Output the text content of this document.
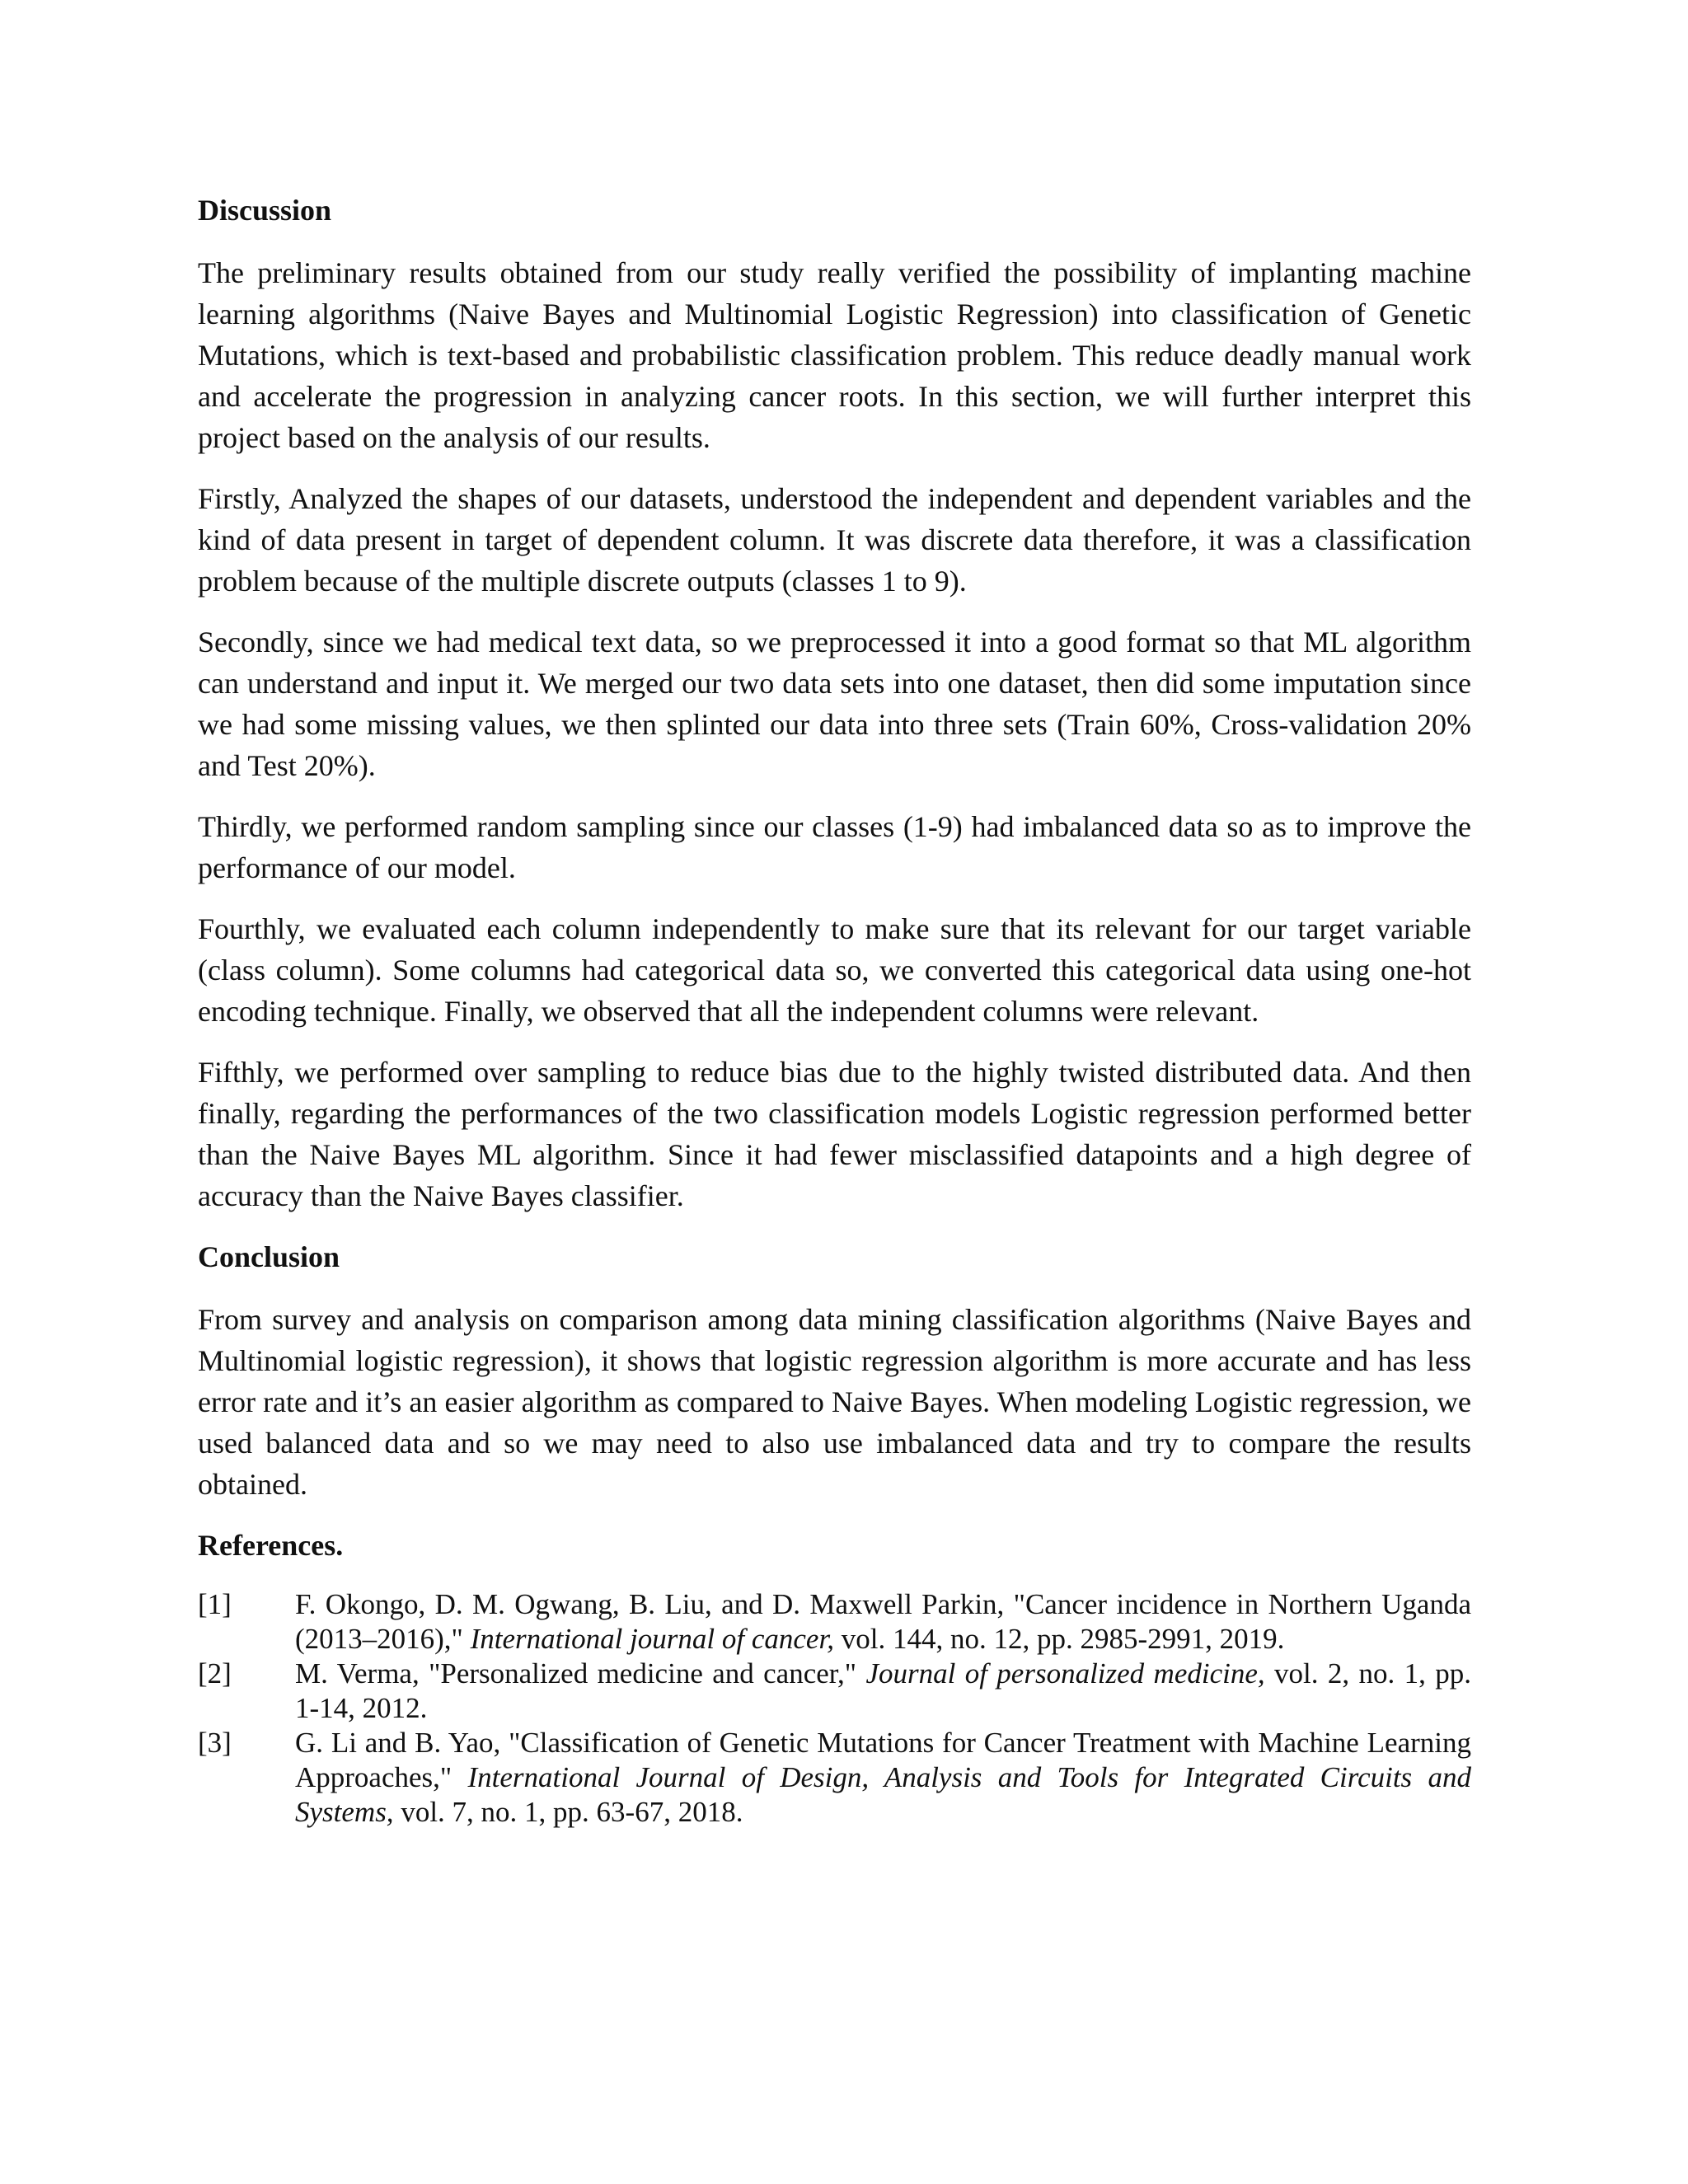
Discussion

The preliminary results obtained from our study really verified the possibility of implanting machine learning algorithms (Naive Bayes and Multinomial Logistic Regression) into classification of Genetic Mutations, which is text-based and probabilistic classification problem. This reduce deadly manual work and accelerate the progression in analyzing cancer roots. In this section, we will further interpret this project based on the analysis of our results.

Firstly, Analyzed the shapes of our datasets, understood the independent and dependent variables and the kind of data present in target of dependent column. It was discrete data therefore, it was a classification problem because of the multiple discrete outputs (classes 1 to 9).

Secondly, since we had medical text data, so we preprocessed it into a good format so that ML algorithm can understand and input it. We merged our two data sets into one dataset, then did some imputation since we had some missing values, we then splinted our data into three sets (Train 60%, Cross-validation 20% and Test 20%).

Thirdly, we performed random sampling since our classes (1-9) had imbalanced data so as to improve the performance of our model.

Fourthly, we evaluated each column independently to make sure that its relevant for our target variable (class column). Some columns had categorical data so, we converted this categorical data using one-hot encoding technique. Finally, we observed that all the independent columns were relevant.

Fifthly, we performed over sampling to reduce bias due to the highly twisted distributed data. And then finally, regarding the performances of the two classification models Logistic regression performed better than the Naive Bayes ML algorithm. Since it had fewer misclassified datapoints and a high degree of accuracy than the Naive Bayes classifier.

Conclusion

From survey and analysis on comparison among data mining classification algorithms (Naive Bayes and Multinomial logistic regression), it shows that logistic regression algorithm is more accurate and has less error rate and it’s an easier algorithm as compared to Naive Bayes. When modeling Logistic regression, we used balanced data and so we may need to also use imbalanced data and try to compare the results obtained.

References.
[1]	F. Okongo, D. M. Ogwang, B. Liu, and D. Maxwell Parkin, "Cancer incidence in Northern Uganda (2013–2016)," International journal of cancer, vol. 144, no. 12, pp. 2985-2991, 2019.
[2]	M. Verma, "Personalized medicine and cancer," Journal of personalized medicine, vol. 2, no. 1, pp. 1-14, 2012.
[3]	G. Li and B. Yao, "Classification of Genetic Mutations for Cancer Treatment with Machine Learning Approaches," International Journal of Design, Analysis and Tools for Integrated Circuits and Systems, vol. 7, no. 1, pp. 63-67, 2018.
